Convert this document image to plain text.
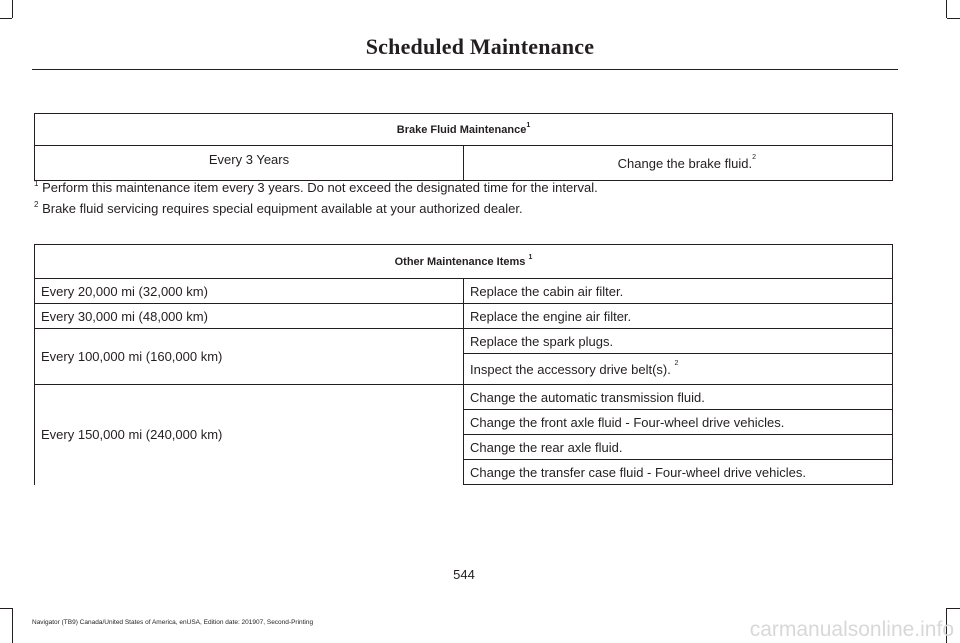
Scheduled Maintenance
Brake Fluid Maintenance$^1$
Every 3 Years	Change the brake fluid.$^2$
$^1$ Perform this maintenance item every 3 years. Do not exceed the designated time for the interval.
$^2$ Brake fluid servicing requires special equipment available at your authorized dealer.
Other Maintenance Items $^1$
Every 20,000 mi (32,000 km)	Replace the cabin air filter.
Every 30,000 mi (48,000 km)	Replace the engine air filter.
Every 100,000 mi (160,000 km)	Replace the spark plugs.
	Inspect the accessory drive belt(s). $^2$
Every 150,000 mi (240,000 km)	Change the automatic transmission fluid.
	Change the front axle fluid - Four-wheel drive vehicles.
	Change the rear axle fluid.
	Change the transfer case fluid - Four-wheel drive vehicles.
544
Navigator (TB9) Canada/United States of America, enUSA, Edition date: 201907, Second-Printing	carmanualsonline.info
